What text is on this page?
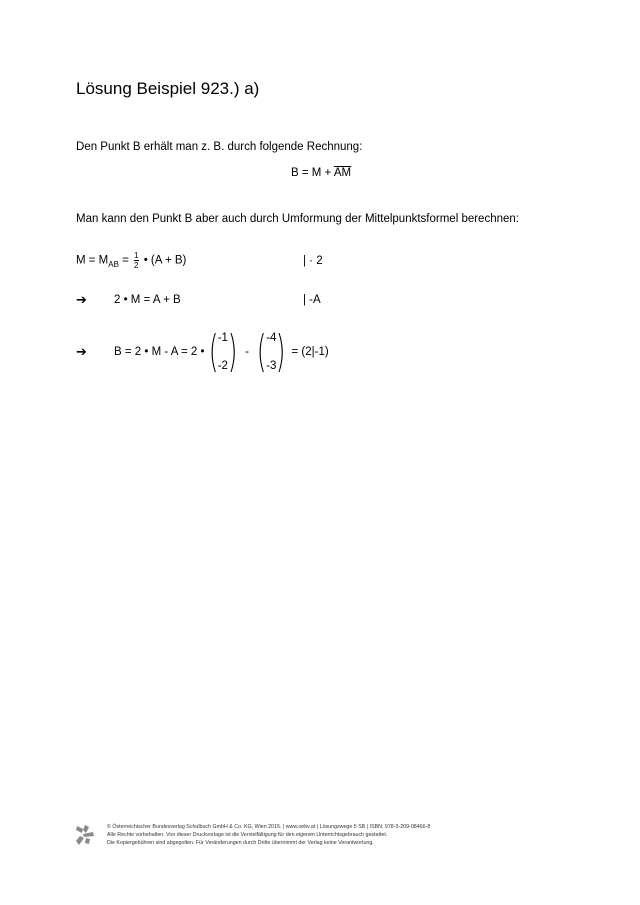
Lösung Beispiel 923.) a)
Den Punkt B erhält man z. B. durch folgende Rechnung:
$B = M + \overline{AM}$
Man kann den Punkt B aber auch durch Umformung der Mittelpunktsformel berechnen:
$M = M_{AB} = \frac{1}{2}$ • (A + B)	| · 2
➔ 2 • M = A + B	| -A
➔ B = 2 • M - A = 2 • ( -1
-2 ) - ( -4
-3 ) = (2|-1)
© Österreichischer Bundesverlag Schulbuch GmbH & Co. KG, Wien 2015. | www.oebv.at | Lösungswege 5 SB | ISBN: 978-3-209-08466-8
Alle Rechte vorbehalten. Von dieser Druckvorlage ist die Vervielfältigung für den eigenen Unterrichtsgebrauch gestattet.
Die Kopiergebühren sind abgegolten. Für Veränderungen durch Dritte übernimmt der Verlag keine Verantwortung.
